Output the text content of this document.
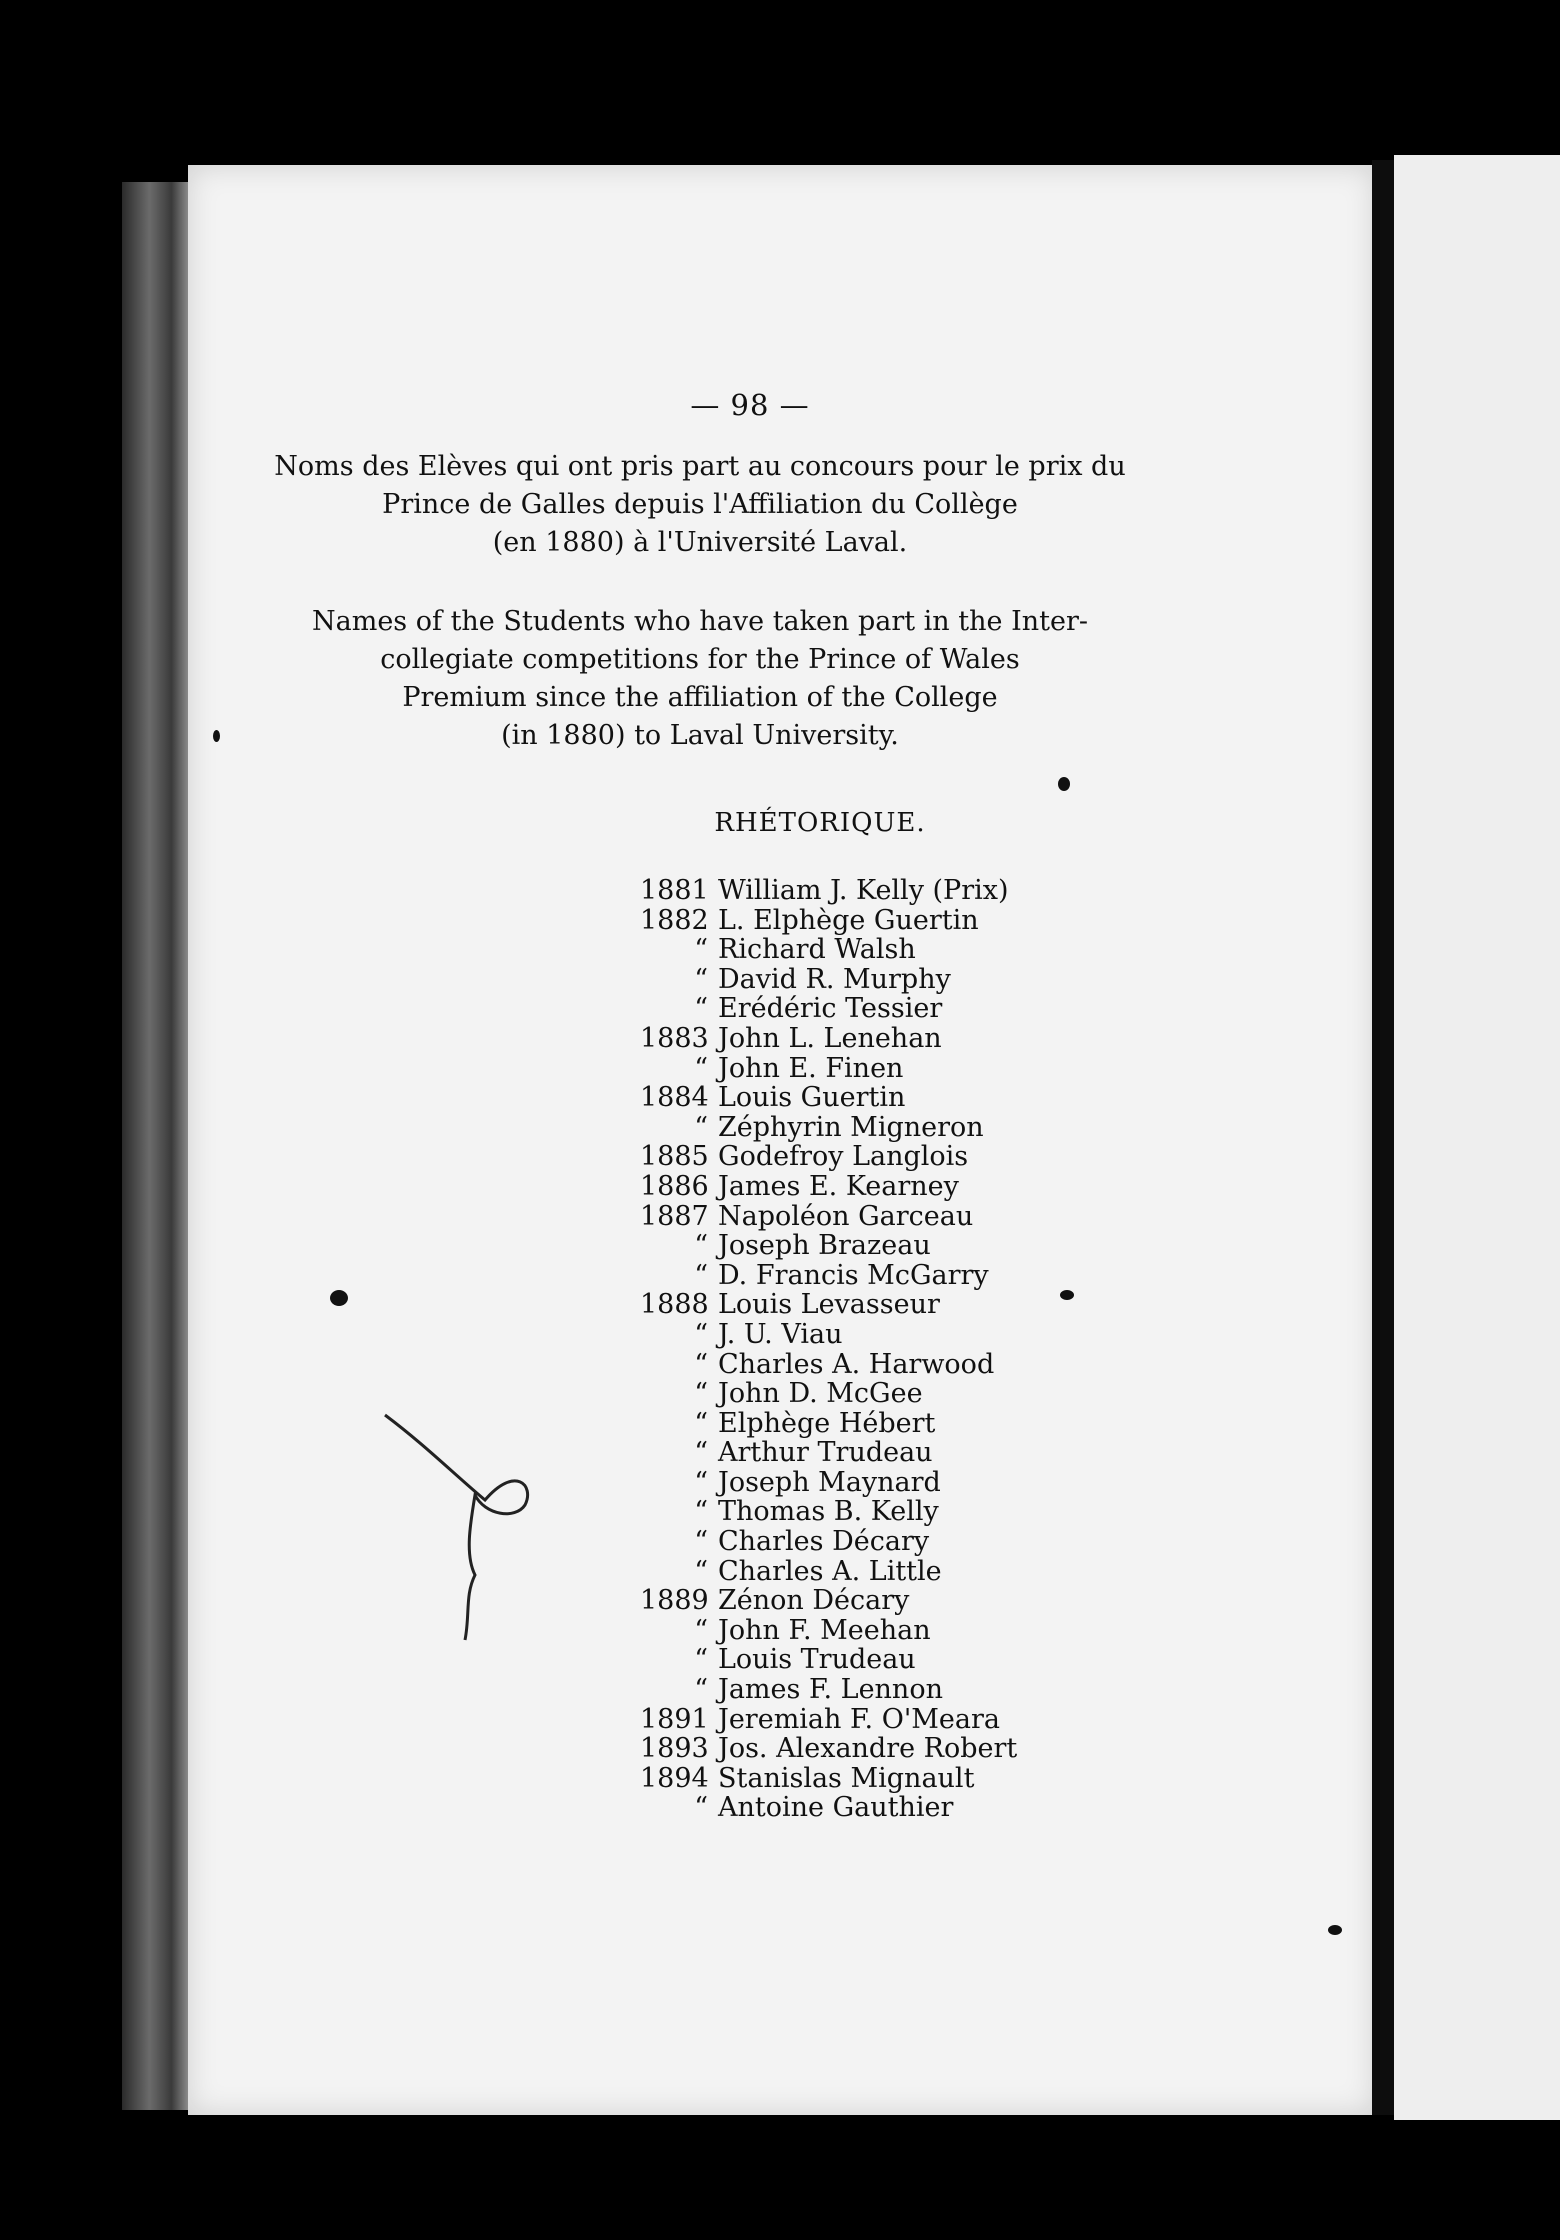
— 98 —
Noms des Elèves qui ont pris part au concours pour le prix du
Prince de Galles depuis l'Affiliation du Collège
(en 1880) à l'Université Laval.
Names of the Students who have taken part in the Inter-
collegiate competitions for the Prince of Wales
Premium since the affiliation of the College
(in 1880) to Laval University.
RHÉTORIQUE.
1881 William J. Kelly (Prix)
1882 L. Elphège Guertin
“ Richard Walsh
“ David R. Murphy
“ Erédéric Tessier
1883 John L. Lenehan
“ John E. Finen
1884 Louis Guertin
“ Zéphyrin Migneron
1885 Godefroy Langlois
1886 James E. Kearney
1887 Napoléon Garceau
“ Joseph Brazeau
“ D. Francis McGarry
1888 Louis Levasseur
“ J. U. Viau
“ Charles A. Harwood
“ John D. McGee
“ Elphège Hébert
“ Arthur Trudeau
“ Joseph Maynard
“ Thomas B. Kelly
“ Charles Décary
“ Charles A. Little
1889 Zénon Décary
“ John F. Meehan
“ Louis Trudeau
“ James F. Lennon
1891 Jeremiah F. O'Meara
1893 Jos. Alexandre Robert
1894 Stanislas Mignault
“ Antoine Gauthier
